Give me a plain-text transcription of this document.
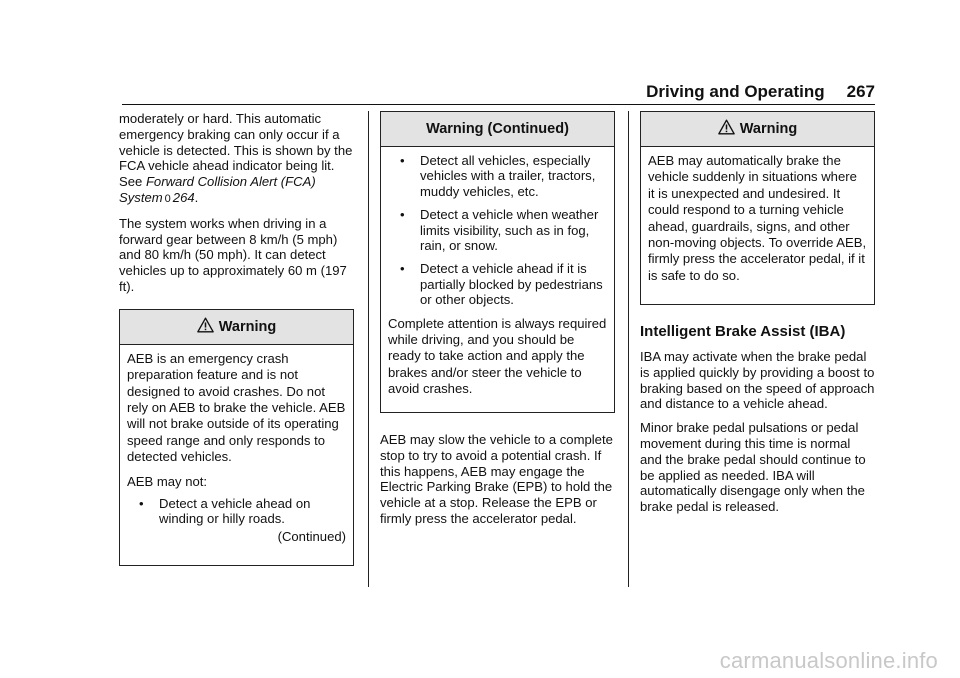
Driving and Operating 267

moderately or hard. This automatic emergency braking can only occur if a vehicle is detected. This is shown by the FCA vehicle ahead indicator being lit. See Forward Collision Alert (FCA) System 0 264.

The system works when driving in a forward gear between 8 km/h (5 mph) and 80 km/h (50 mph). It can detect vehicles up to approximately 60 m (197 ft).

Warning

AEB is an emergency crash preparation feature and is not designed to avoid crashes. Do not rely on AEB to brake the vehicle. AEB will not brake outside of its operating speed range and only responds to detected vehicles.

AEB may not:

• Detect a vehicle ahead on winding or hilly roads.

(Continued)

Warning (Continued)
• Detect all vehicles, especially vehicles with a trailer, tractors, muddy vehicles, etc.
• Detect a vehicle when weather limits visibility, such as in fog, rain, or snow.
• Detect a vehicle ahead if it is partially blocked by pedestrians or other objects.

Complete attention is always required while driving, and you should be ready to take action and apply the brakes and/or steer the vehicle to avoid crashes.

AEB may slow the vehicle to a complete stop to try to avoid a potential crash. If this happens, AEB may engage the Electric Parking Brake (EPB) to hold the vehicle at a stop. Release the EPB or firmly press the accelerator pedal.

Warning

AEB may automatically brake the vehicle suddenly in situations where it is unexpected and undesired. It could respond to a turning vehicle ahead, guardrails, signs, and other non-moving objects. To override AEB, firmly press the accelerator pedal, if it is safe to do so.

Intelligent Brake Assist (IBA)

IBA may activate when the brake pedal is applied quickly by providing a boost to braking based on the speed of approach and distance to a vehicle ahead.

Minor brake pedal pulsations or pedal movement during this time is normal and the brake pedal should continue to be applied as needed. IBA will automatically disengage only when the brake pedal is released.

carmanualsonline.info
